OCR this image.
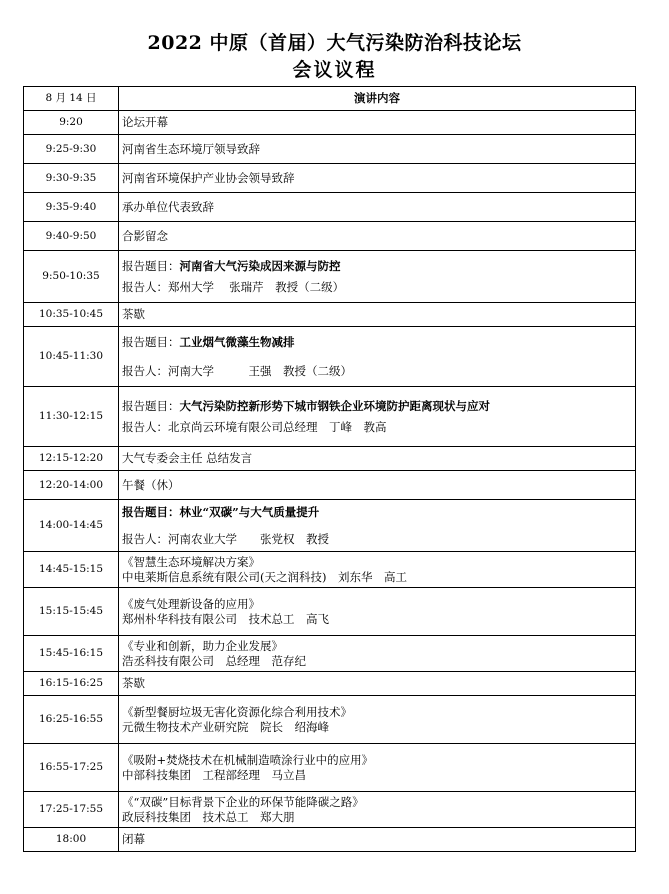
2022 中原（首届）大气污染防治科技论坛
会议议程
8 月 14 日	演讲内容
9:20	论坛开幕
9:25-9:30	河南省生态环境厅领导致辞
9:30-9:35	河南省环境保护产业协会领导致辞
9:35-9:40	承办单位代表致辞
9:40-9:50	合影留念
9:50-10:35	报告题目：河南省大气污染成因来源与防控
报告人：郑州大学　 张瑞芹　教授（二级）

10:35-10:45	茶歇
10:45-11:30	报告题目：工业烟气微藻生物减排
报告人：河南大学　　　王强　教授（二级）

11:30-12:15	报告题目：大气污染防控新形势下城市钢铁企业环境防护距离现状与应对
报告人：北京尚云环境有限公司总经理　丁峰　教高

12:15-12:20	大气专委会主任 总结发言
12:20-14:00	午餐（休）
14:00-14:45	报告题目：林业“双碳”与大气质量提升
报告人：河南农业大学　　张党权　教授

14:45-15:15	《智慧生态环境解决方案》
中电莱斯信息系统有限公司(天之润科技)　刘东华　高工

15:15-15:45	《废气处理新设备的应用》
郑州朴华科技有限公司　技术总工　高飞

15:45-16:15	《专业和创新，助力企业发展》
浩丞科技有限公司　总经理　范存纪

16:15-16:25	茶歇
16:25-16:55	《新型餐厨垃圾无害化资源化综合利用技术》
元微生物技术产业研究院　院长　绍海峰

16:55-17:25	《吸附+焚烧技术在机械制造喷涂行业中的应用》
中部科技集团　工程部经理　马立昌

17:25-17:55	《“双碳”目标背景下企业的环保节能降碳之路》
政辰科技集团　技术总工　郑大朋

18:00	闭幕
